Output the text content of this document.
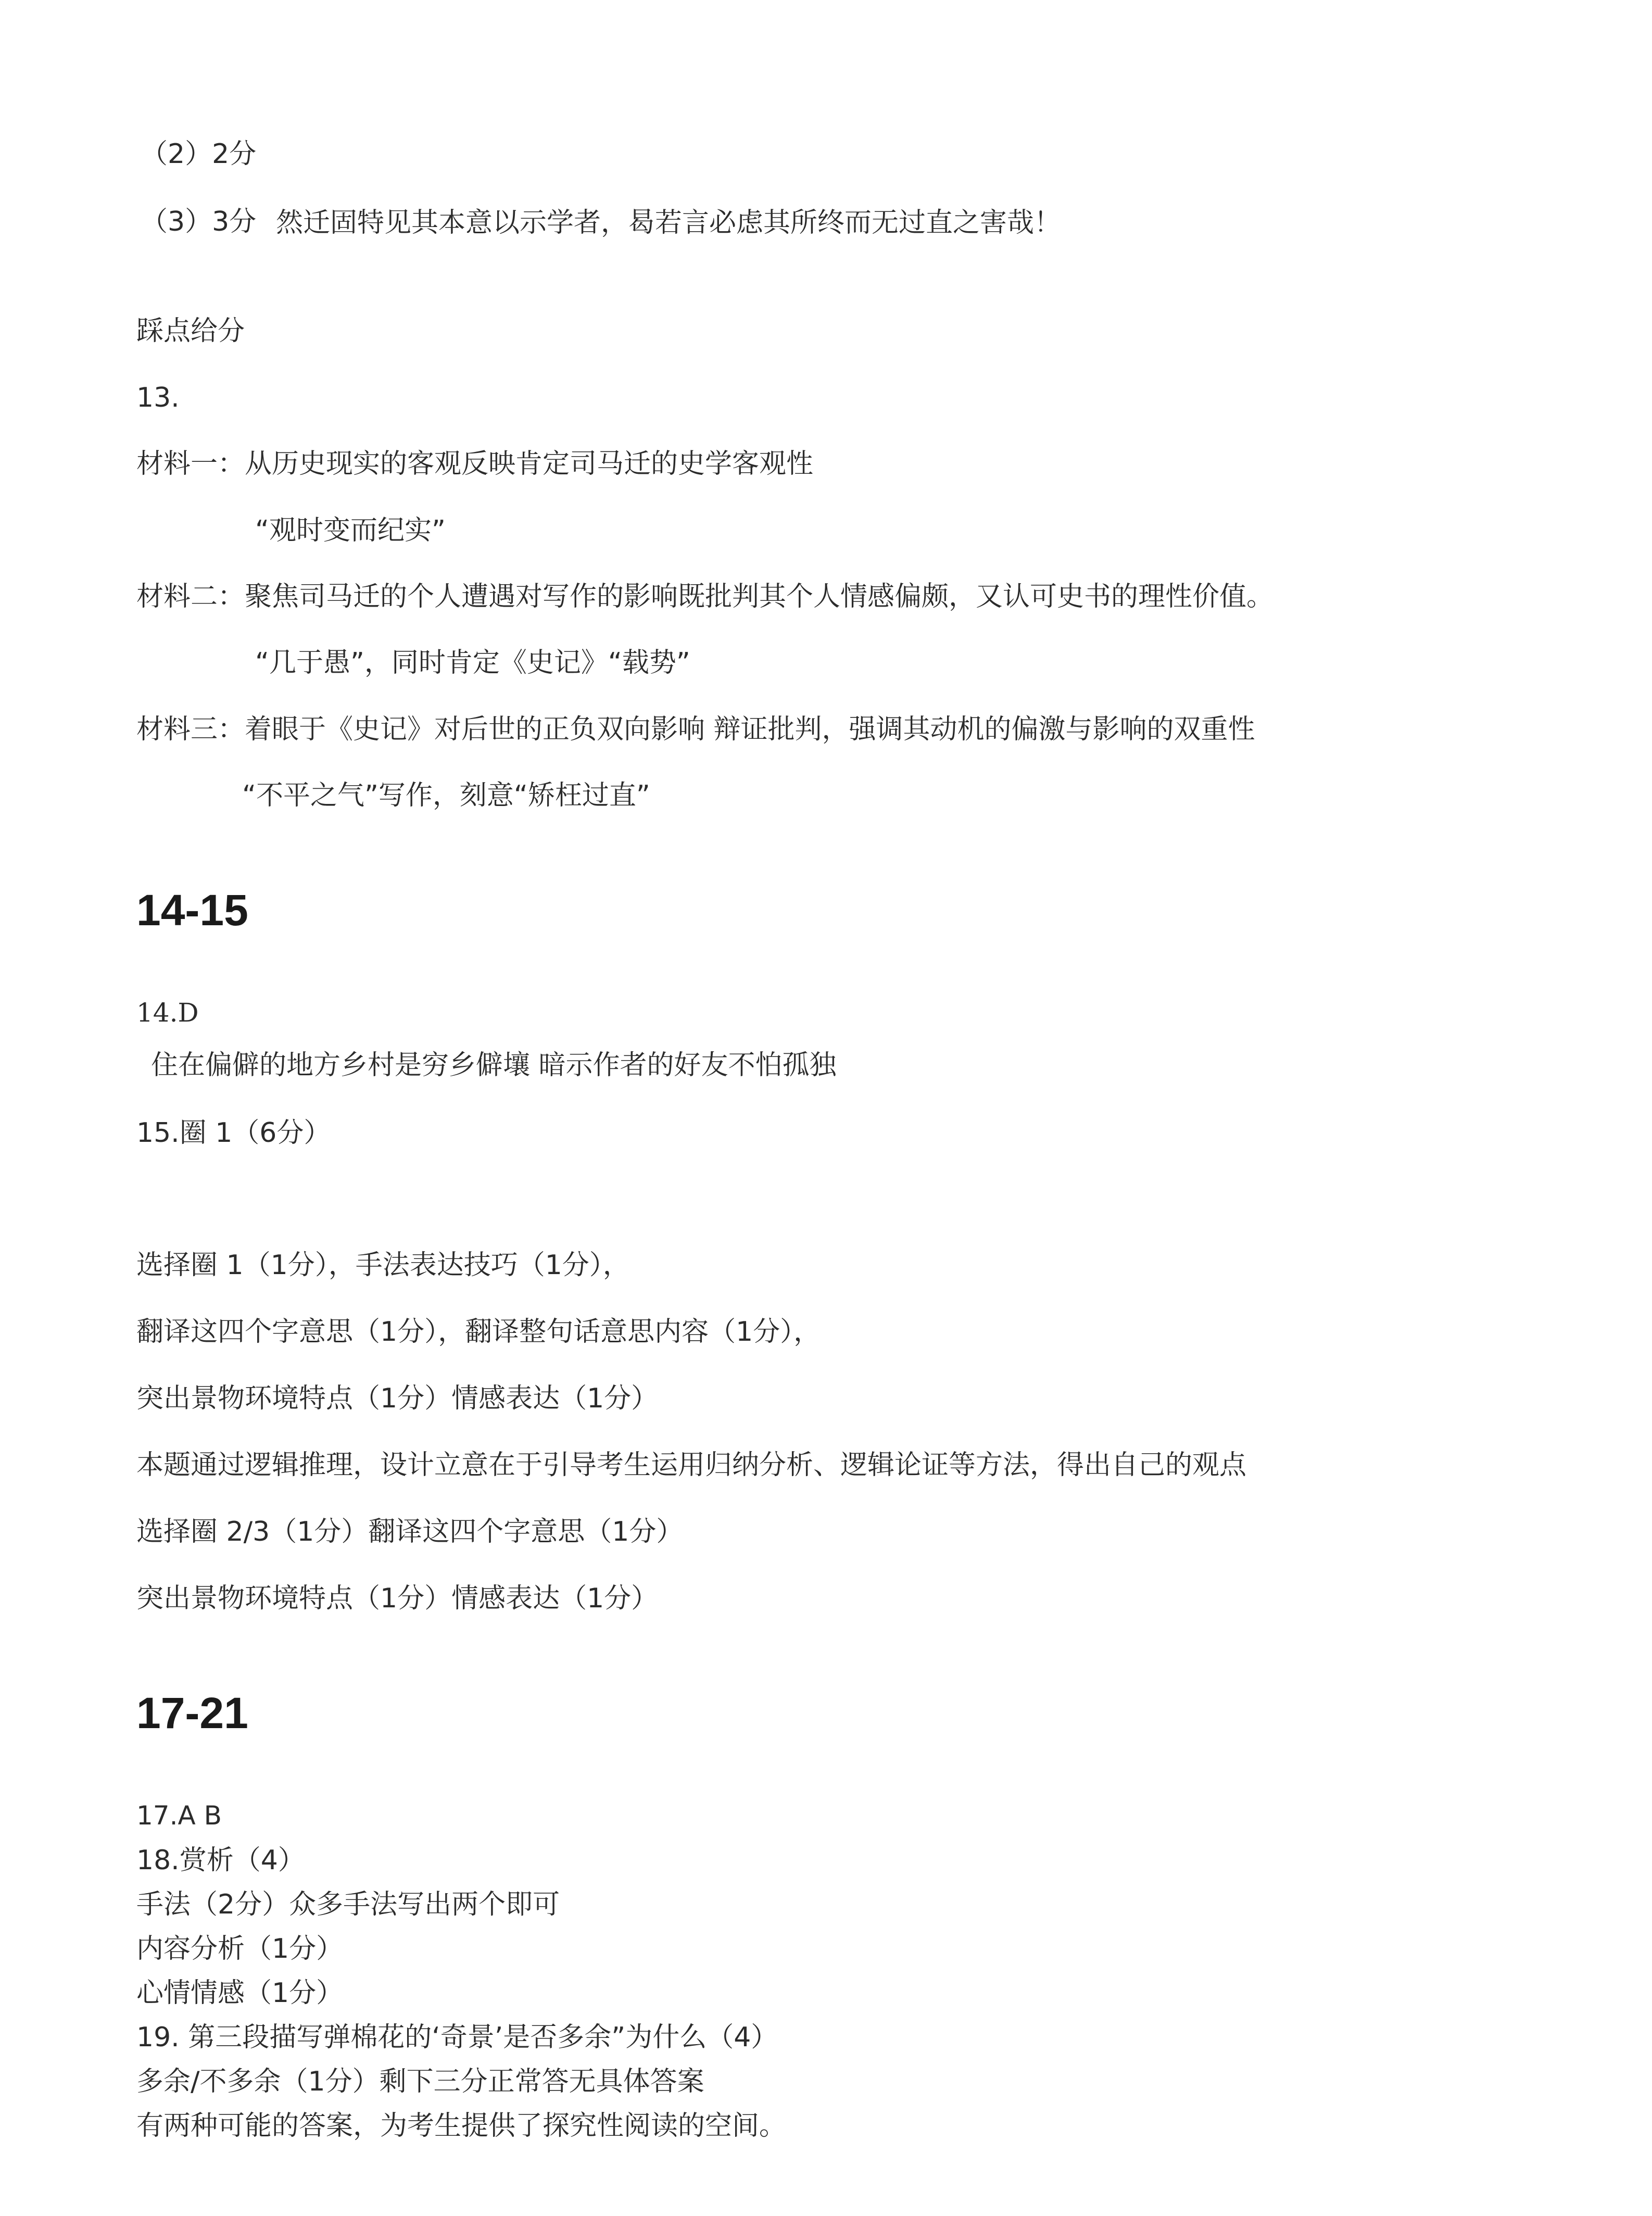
（2）2分
（3）3分 然迁固特见其本意以示学者，曷若言必虑其所终而无过直之害哉！
踩点给分
13.
材料一：从历史现实的客观反映肯定司马迁的史学客观性
“观时变而纪实”
材料二：聚焦司马迁的个人遭遇对写作的影响既批判其个人情感偏颇，又认可史书的理性价值。
“几于愚”，同时肯定《史记》“载势”
材料三：着眼于《史记》对后世的正负双向影响 辩证批判，强调其动机的偏激与影响的双重性
“不平之气”写作，刻意“矫枉过直”
14-15
14.D
住在偏僻的地方乡村是穷乡僻壤 暗示作者的好友不怕孤独
15.圈 1（6分）
选择圈 1（1分），手法表达技巧（1分），
翻译这四个字意思（1分），翻译整句话意思内容（1分），
突出景物环境特点（1分）情感表达（1分）
本题通过逻辑推理，设计立意在于引导考生运用归纳分析、逻辑论证等方法，得出自己的观点
选择圈 2/3（1分）翻译这四个字意思（1分）
突出景物环境特点（1分）情感表达（1分）
17-21
17.A B
18.赏析（4）
手法（2分）众多手法写出两个即可
内容分析（1分）
心情情感（1分）
19. 第三段描写弹棉花的‘奇景’是否多余”为什么（4）
多余/不多余（1分）剩下三分正常答无具体答案
有两种可能的答案，为考生提供了探究性阅读的空间。
